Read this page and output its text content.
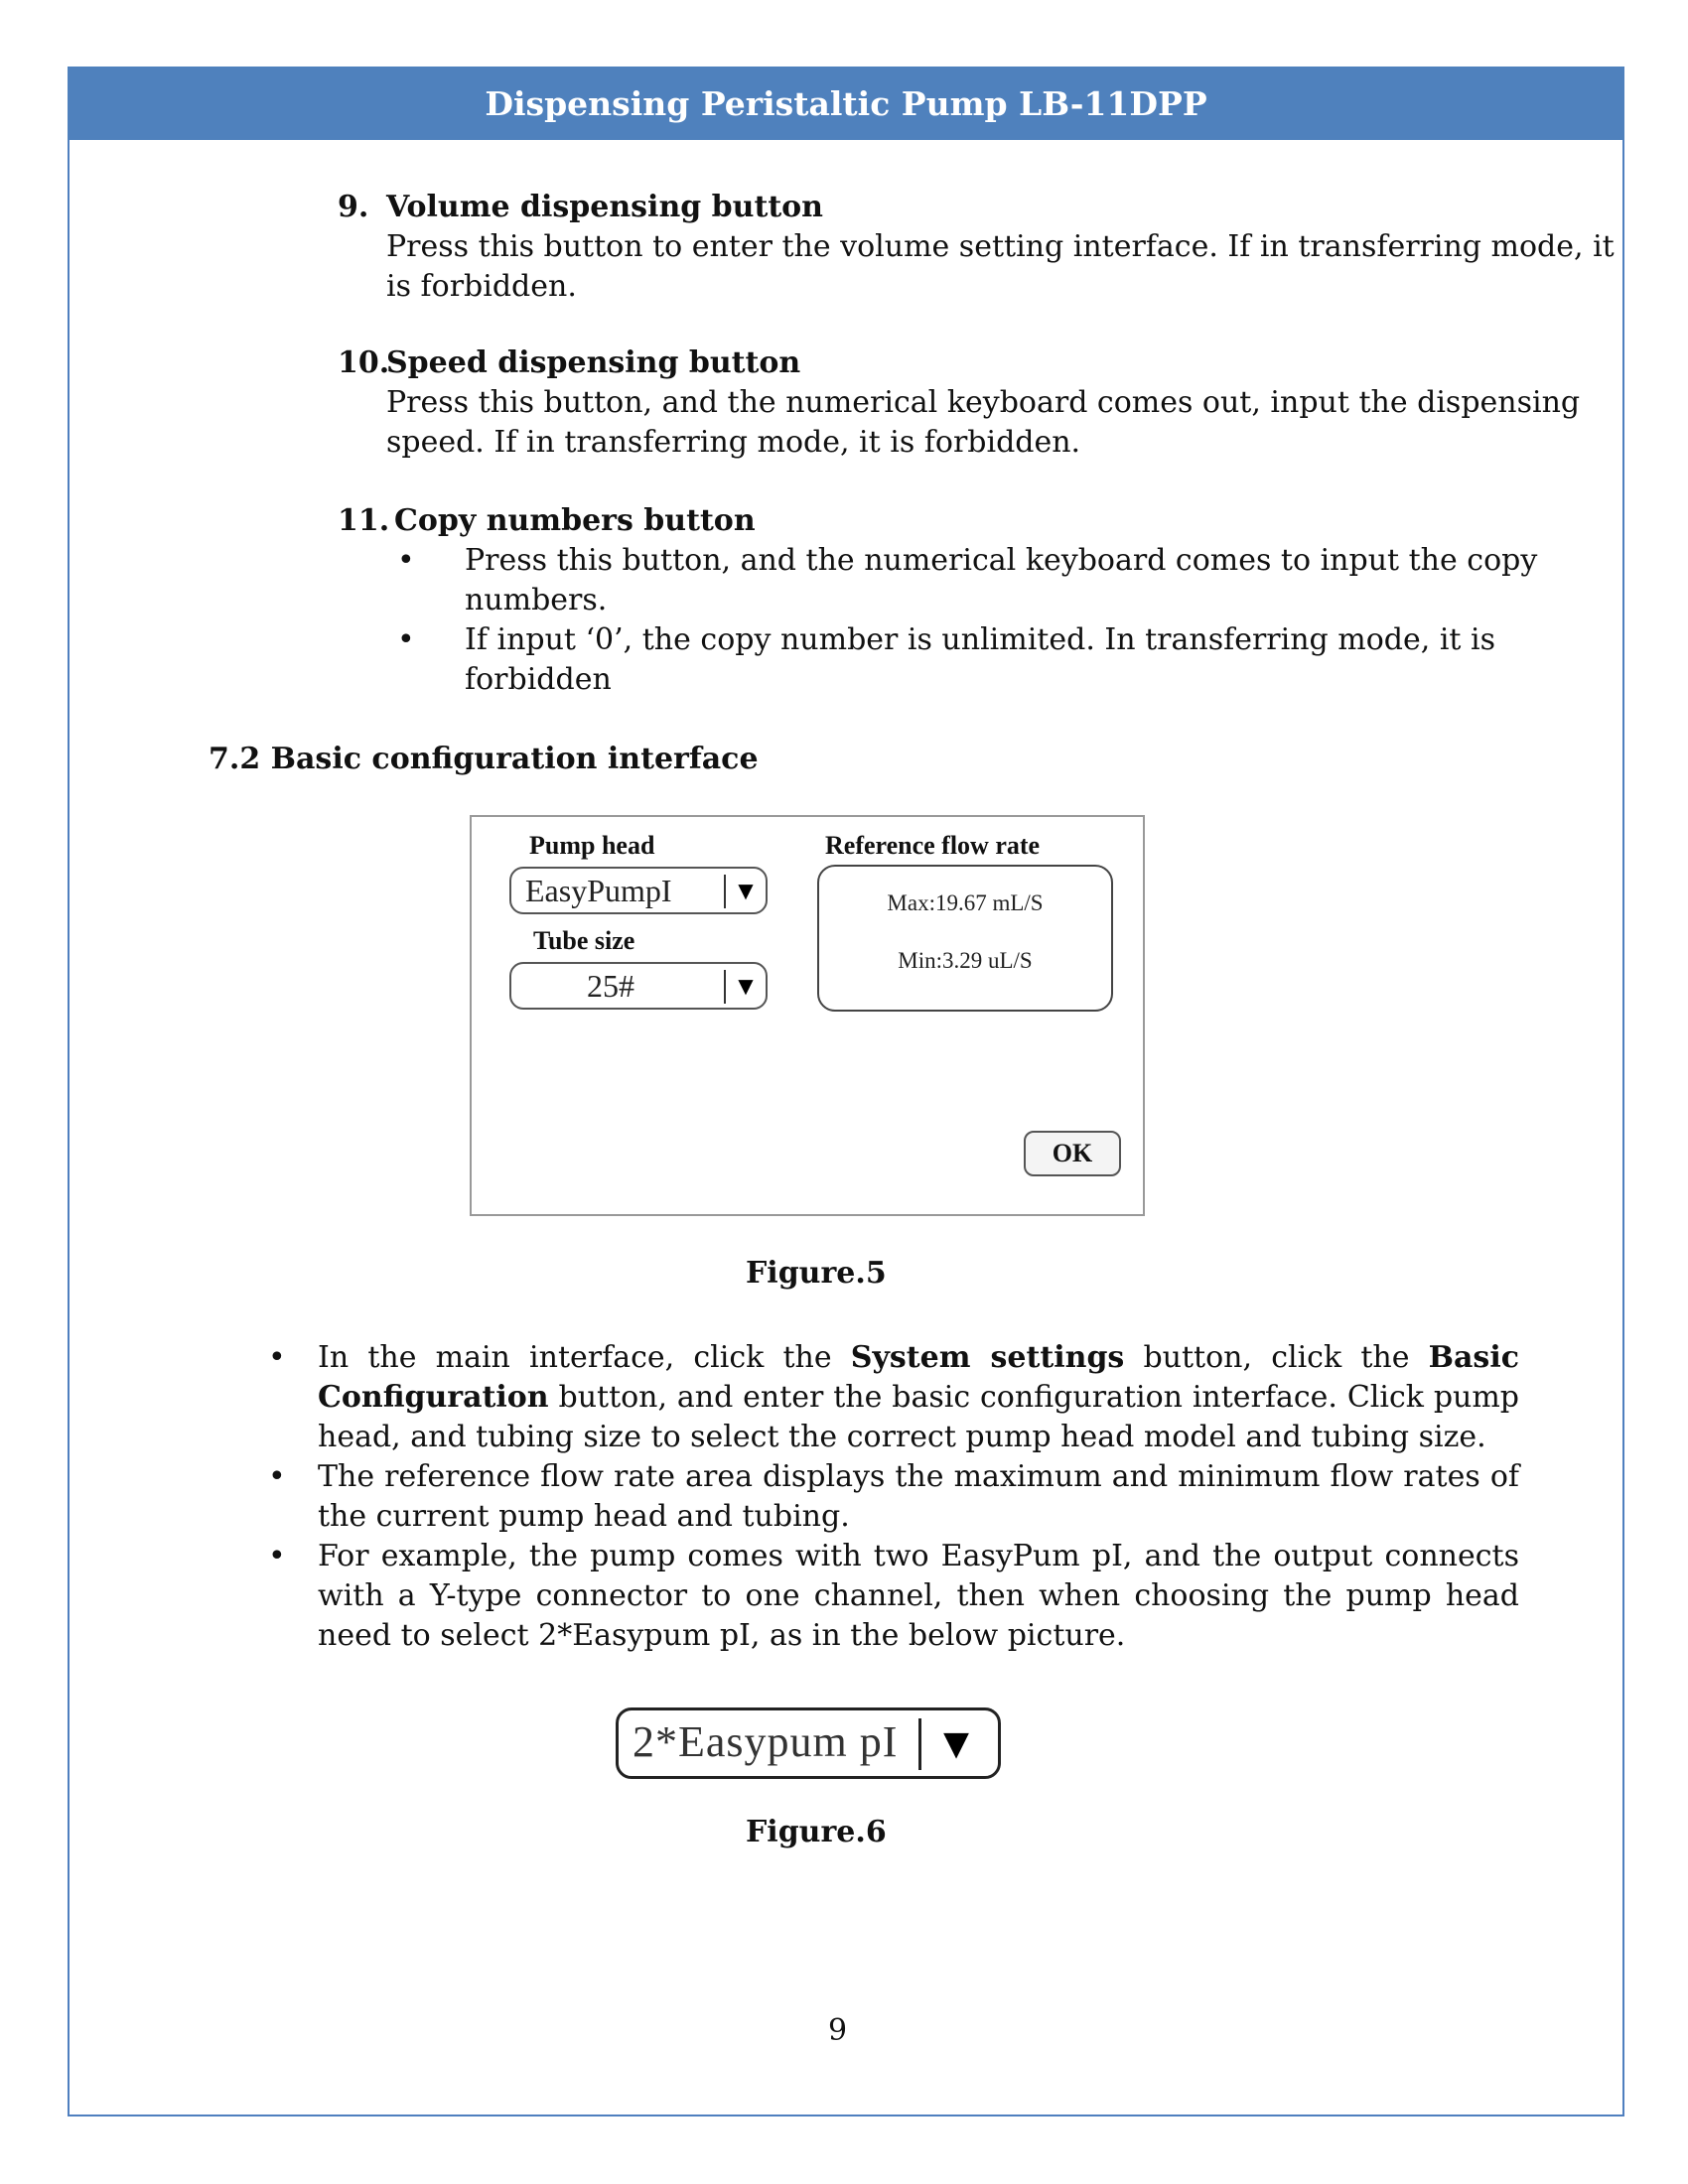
Dispensing Peristaltic Pump LB-11DPP
9. Volume dispensing button
Press this button to enter the volume setting interface. If in transferring mode, it
is forbidden.
10.
Speed dispensing button
Press this button, and the numerical keyboard comes out, input the dispensing
speed. If in transferring mode, it is forbidden.
11. Copy numbers button
• Press this button, and the numerical keyboard comes to input the copy
numbers.
• If input ‘0’, the copy number is unlimited. In transferring mode, it is
forbidden
7.2 Basic configuration interface
Pump head
EasyPumpI ▼
Tube size
25#	▼
Reference flow rate
Max:19.67 mL/S
Min:3.29 uL/S
OK
Figure.5
• In the main interface, click the System settings button, click the Basic Configuration button, and enter the basic configuration interface. Click pump head, and tubing size to select the correct pump head model and tubing size.
• The reference flow rate area displays the maximum and minimum flow rates of the current pump head and tubing.
• For example, the pump comes with two EasyPum pI, and the output connects with a Y-type connector to one channel, then when choosing the pump head need to select 2*Easypum pI, as in the below picture.
2*Easypum pI ▼
Figure.6
9
